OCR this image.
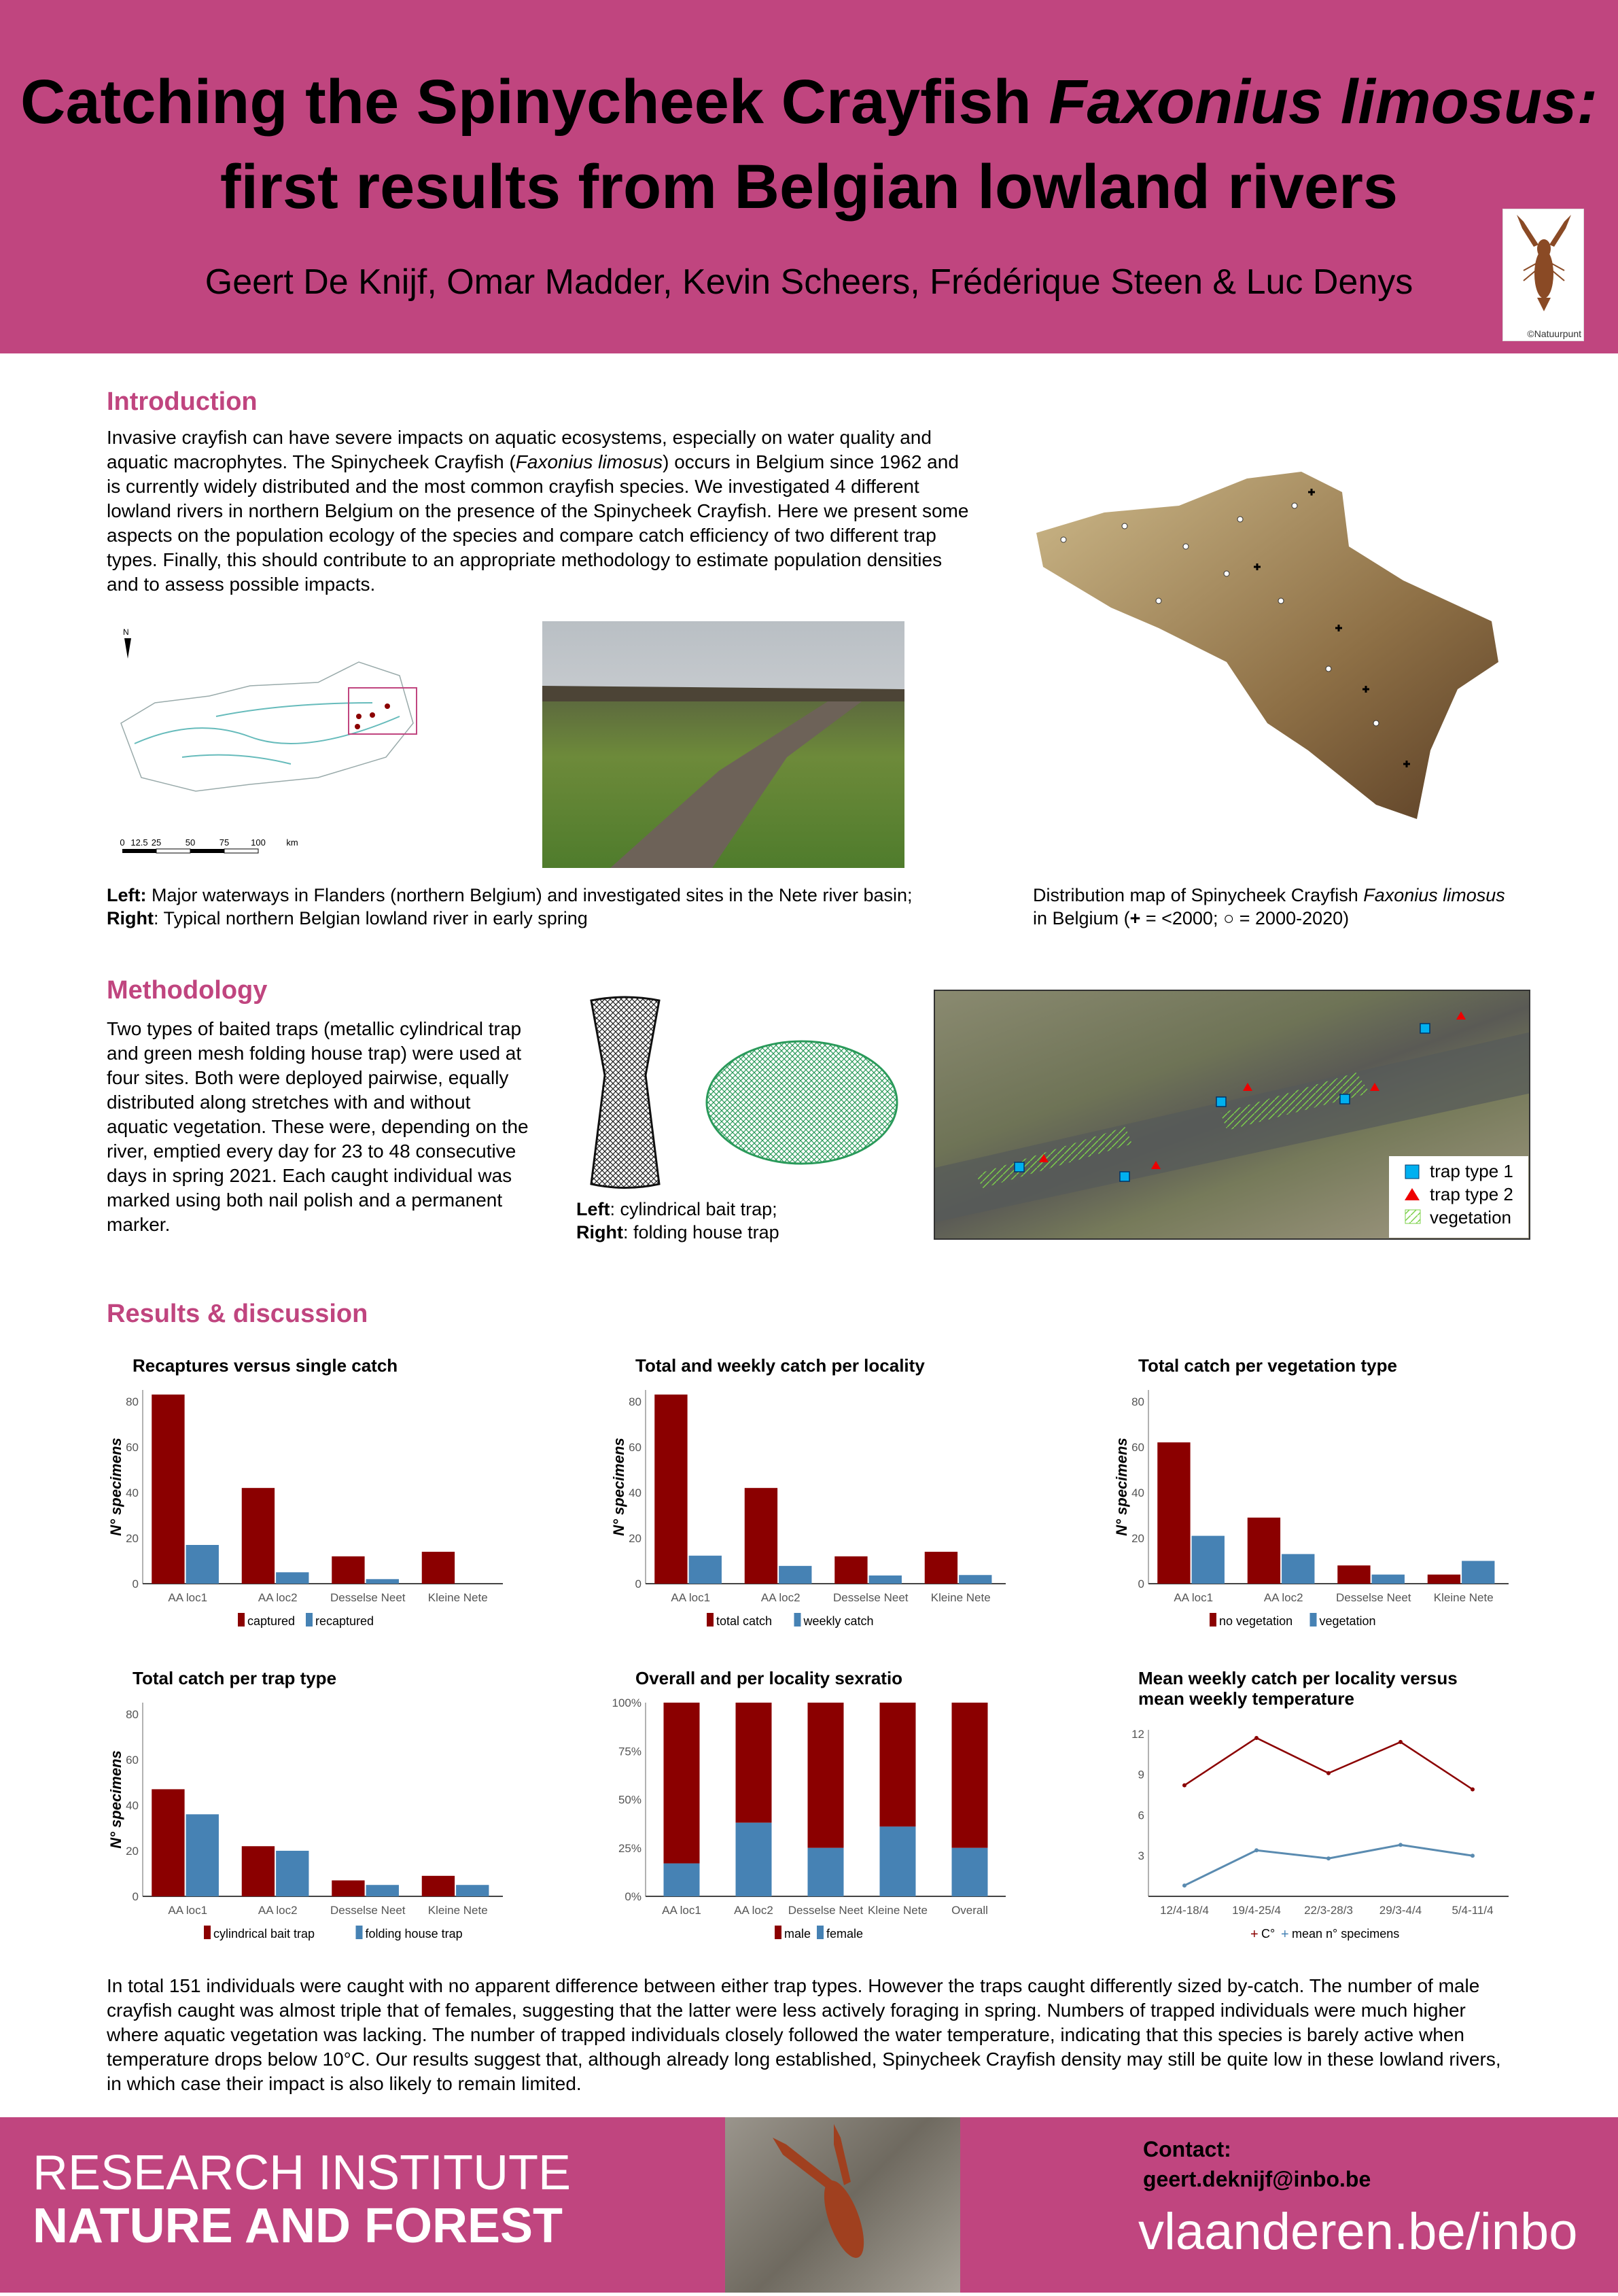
Catching the Spinycheek Crayfish Faxonius limosus:
first results from Belgian lowland rivers
Geert De Knijf, Omar Madder, Kevin Scheers, Frédérique Steen & Luc Denys
©Natuurpunt
Introduction
Invasive crayfish can have severe impacts on aquatic ecosystems, especially on water quality and aquatic macrophytes. The Spinycheek Crayfish (Faxonius limosus) occurs in Belgium since 1962 and is currently widely distributed and the most common crayfish species. We investigated 4 different lowland rivers in northern Belgium on the presence of the Spinycheek Crayfish. Here we present some aspects on the population ecology of the species and compare catch efficiency of two different trap types. Finally, this should contribute to an appropriate methodology to estimate population densities and to assess possible impacts.
N
0 12.5 25	50	75 100 km
Left: Major waterways in Flanders (northern Belgium) and investigated sites in the Nete river basin;
Right: Typical northern Belgian lowland river in early spring
Distribution map of Spinycheek Crayfish Faxonius limosus
in Belgium (+ = <2000; ○ = 2000-2020)
Methodology
Two types of baited traps (metallic cylindrical trap and green mesh folding house trap) were used at four sites. Both were deployed pairwise, equally distributed along stretches with and without aquatic vegetation. These were, depending on the river, emptied every day for 23 to 48 consecutive days in spring 2021. Each caught individual was marked using both nail polish and a permanent marker.
Left: cylindrical bait trap;
Right: folding house trap
trap type 1
trap type 2
vegetation
Results & discussion
Recaptures versus single catch
0
20
40
60
80
N° specimens
AA loc1	AA loc2	Desselse Neet Kleine Nete
captured recaptured
Total and weekly catch per locality
0
20
40
60
80
N° specimens
AA loc1	AA loc2	Desselse Neet Kleine Nete
total catch	weekly catch
Total catch per vegetation type
0
20
40
60
80
N° specimens
AA loc1	AA loc2	Desselse Neet Kleine Nete
no vegetation vegetation
Total catch per trap type
0
20
40
60
80
N° specimens
AA loc1	AA loc2	Desselse Neet Kleine Nete
cylindrical bait trap	folding house trap
Overall and per locality sexratio
0%
25%
50%
75%
100%
AA loc1	AA loc2 Desselse Neet Kleine Nete Overall
male female
Mean weekly catch per locality versus
mean weekly temperature
3
6
9
12
12/4-18/4 19/4-25/4 22/3-28/3 29/3-4/4	5/4-11/4
+ C° + mean n° specimens
In total 151 individuals were caught with no apparent difference between either trap types. However the traps caught differently sized by-catch. The number of male crayfish caught was almost triple that of females, suggesting that the latter were less actively foraging in spring. Numbers of trapped individuals were much higher where aquatic vegetation was lacking. The number of trapped individuals closely followed the water temperature, indicating that this species is barely active when temperature drops below 10°C. Our results suggest that, although already long established, Spinycheek Crayfish density may still be quite low in these lowland rivers, in which case their impact is also likely to remain limited.
RESEARCH INSTITUTE
NATURE AND FOREST
Contact:
geert.deknijf@inbo.be
vlaanderen.be/inbo
